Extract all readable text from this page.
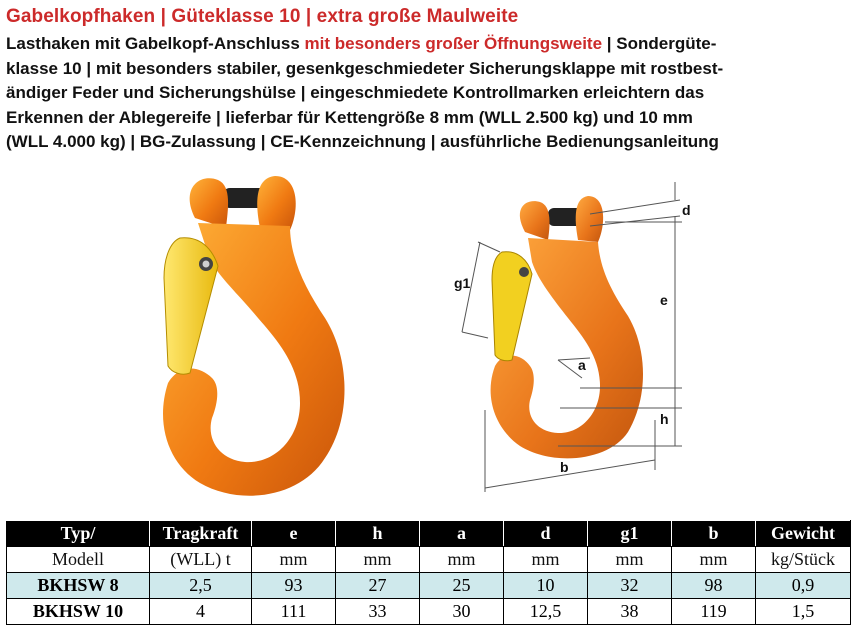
Gabelkopfhaken | Güteklasse 10 | extra große Maulweite
Lasthaken mit Gabelkopf-Anschluss mit besonders großer Öffnungsweite | Sondergüte-
klasse 10 | mit besonders stabiler, gesenkgeschmiedeter Sicherungsklappe mit rostbest-
ändiger Feder und Sicherungshülse | eingeschmiedete Kontrollmarken erleichtern das
Erkennen der Ablegereife | lieferbar für Kettengröße 8 mm (WLL 2.500 kg) und 10 mm
(WLL 4.000 kg) | BG-Zulassung | CE-Kennzeichnung | ausführliche Bedienungsanleitung
d
e
g1
a
h
b
Typ/	Tragkraft	e	h	a	d	g1	b	Gewicht
Modell	(WLL) t	mm	mm	mm	mm	mm	mm	kg/Stück
BKHSW 8	2,5	93	27	25	10	32	98	0,9
BKHSW 10	4	111	33	30	12,5	38	119	1,5
